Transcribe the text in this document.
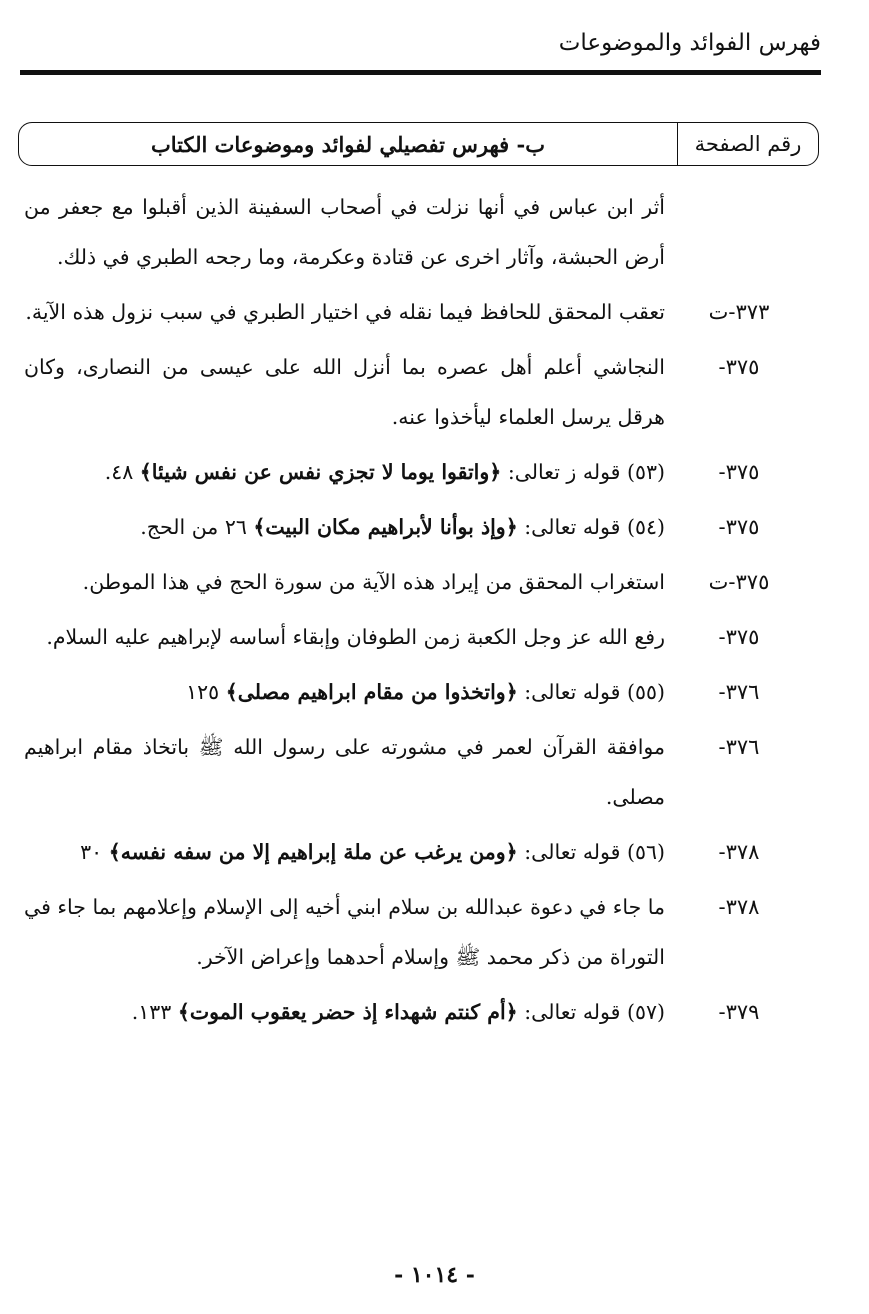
فهرس الفوائد والموضوعات
رقم الصفحة
ب- فهرس تفصيلي لفوائد وموضوعات الكتاب
أثر ابن عباس في أنها نزلت في أصحاب السفينة الذين أقبلوا مع جعفر من أرض الحبشة، وآثار اخرى عن قتادة وعكرمة، وما رجحه الطبري في ذلك.
٣٧٣-ت
تعقب المحقق للحافظ فيما نقله في اختيار الطبري في سبب نزول هذه الآية.
٣٧٥-
النجاشي أعلم أهل عصره بما أنزل الله على عيسى من النصارى، وكان هرقل يرسل العلماء ليأخذوا عنه.
٣٧٥-
(٥٣) قوله ز تعالى: ﴿واتقوا يوما لا تجزي نفس عن نفس شيئا﴾ ٤٨.
٣٧٥-
(٥٤) قوله تعالى: ﴿وإذ بوأنا لأبراهيم مكان البيت﴾ ٢٦ من الحج.
٣٧٥-ت
استغراب المحقق من إيراد هذه الآية من سورة الحج في هذا الموطن.
٣٧٥-
رفع الله عز وجل الكعبة زمن الطوفان وإبقاء أساسه لإبراهيم عليه السلام.
٣٧٦-
(٥٥) قوله تعالى: ﴿واتخذوا من مقام ابراهيم مصلى﴾ ١٢٥
٣٧٦-
موافقة القرآن لعمر في مشورته على رسول الله ﷺ باتخاذ مقام ابراهيم مصلى.
٣٧٨-
(٥٦) قوله تعالى: ﴿ومن يرغب عن ملة إبراهيم إلا من سفه نفسه﴾ ٣٠
٣٧٨-
ما جاء في دعوة عبدالله بن سلام ابني أخيه إلى الإسلام وإعلامهم بما جاء في التوراة من ذكر محمد ﷺ وإسلام أحدهما وإعراض الآخر.
٣٧٩-
(٥٧) قوله تعالى: ﴿أم كنتم شهداء إذ حضر يعقوب الموت﴾ ١٣٣.
- ١٠١٤ -
